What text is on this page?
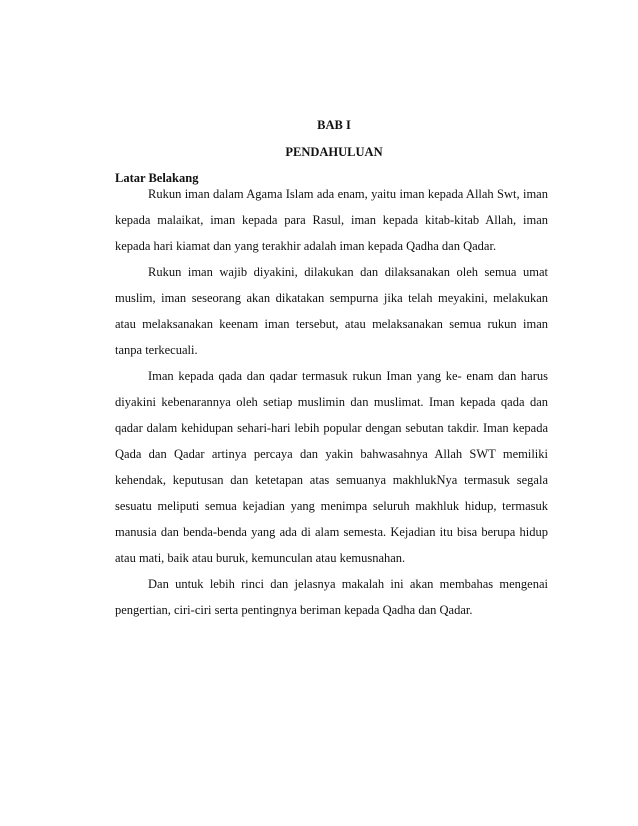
BAB I
PENDAHULUAN
Latar Belakang

Rukun iman dalam Agama Islam ada enam, yaitu iman kepada Allah Swt, iman kepada malaikat, iman kepada para Rasul, iman kepada kitab-kitab Allah, iman kepada hari kiamat dan yang terakhir adalah iman kepada Qadha dan Qadar.

Rukun iman wajib diyakini, dilakukan dan dilaksanakan oleh semua umat muslim, iman seseorang akan dikatakan sempurna jika telah meyakini, melakukan atau melaksanakan keenam iman tersebut, atau melaksanakan semua rukun iman tanpa terkecuali.

Iman kepada qada dan qadar termasuk rukun Iman yang ke- enam dan harus diyakini kebenarannya oleh setiap muslimin dan muslimat. Iman kepada qada dan qadar dalam kehidupan sehari-hari lebih popular dengan sebutan takdir. Iman kepada Qada dan Qadar artinya percaya dan yakin bahwasahnya Allah SWT memiliki kehendak, keputusan dan ketetapan atas semuanya makhlukNya termasuk segala sesuatu meliputi semua kejadian yang menimpa seluruh makhluk hidup, termasuk manusia dan benda-benda yang ada di alam semesta. Kejadian itu bisa berupa hidup atau mati, baik atau buruk, kemunculan atau kemusnahan.

Dan untuk lebih rinci dan jelasnya makalah ini akan membahas mengenai pengertian, ciri-ciri serta pentingnya beriman kepada Qadha dan Qadar.
